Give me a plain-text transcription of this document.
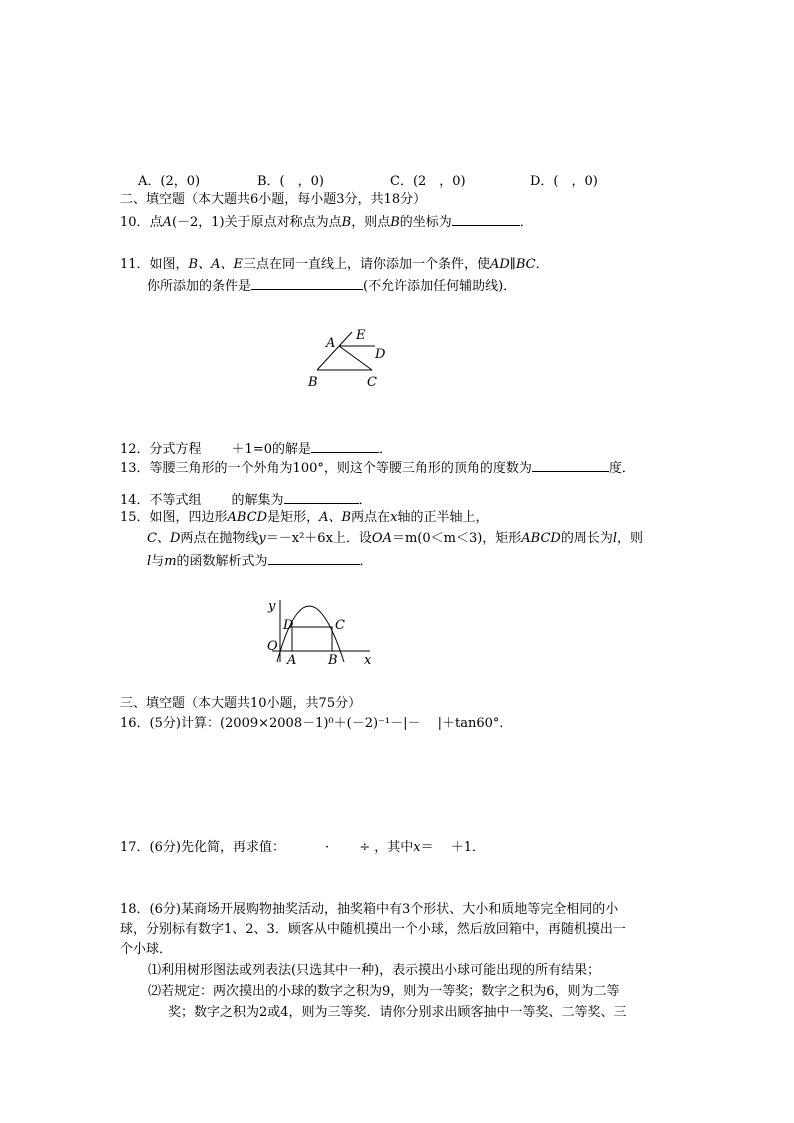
A．(2，0)	B．(　，0)	C．(2　，0)	D．(　，0)
二、填空题（本大题共6小题，每小题3分，共18分）
10．点A(－2，1)关于原点对称点为点B，则点B的坐标为	．
11．如图，B、A、E三点在同一直线上，请你添加一个条件，使AD∥BC．
你所添加的条件是	(不允许添加任何辅助线)．
A
E
D
B	C
12．分式方程 ＋1=0的解是	．
13．等腰三角形的一个外角为100°，则这个等腰三角形的顶角的度数为	度．
14．不等式组 的解集为	．
15．如图，四边形ABCD是矩形，A、B两点在x轴的正半轴上，
C、D两点在抛物线y＝－x²＋6x上．设OA＝m(0＜m＜3)，矩形ABCD的周长为l，则
l与m的函数解析式为	．
y
D	C
O
A B x
三、填空题（本大题共10小题，共75分）
16．(5分)计算：(2009×2008－1)⁰＋(－2)⁻¹－|－　 |＋tan60°．
17．(6分)先化简，再求值：	·　　 ÷ ，其中x＝　 ＋1．
18．(6分)某商场开展购物抽奖活动，抽奖箱中有3个形状、大小和质地等完全相同的小
球，分别标有数字1、2、3．顾客从中随机摸出一个小球，然后放回箱中，再随机摸出一
个小球．
⑴利用树形图法或列表法(只选其中一种)，表示摸出小球可能出现的所有结果；
⑵若规定：两次摸出的小球的数字之积为9，则为一等奖；数字之积为6，则为二等
奖；数字之积为2或4，则为三等奖．请你分别求出顾客抽中一等奖、二等奖、三
